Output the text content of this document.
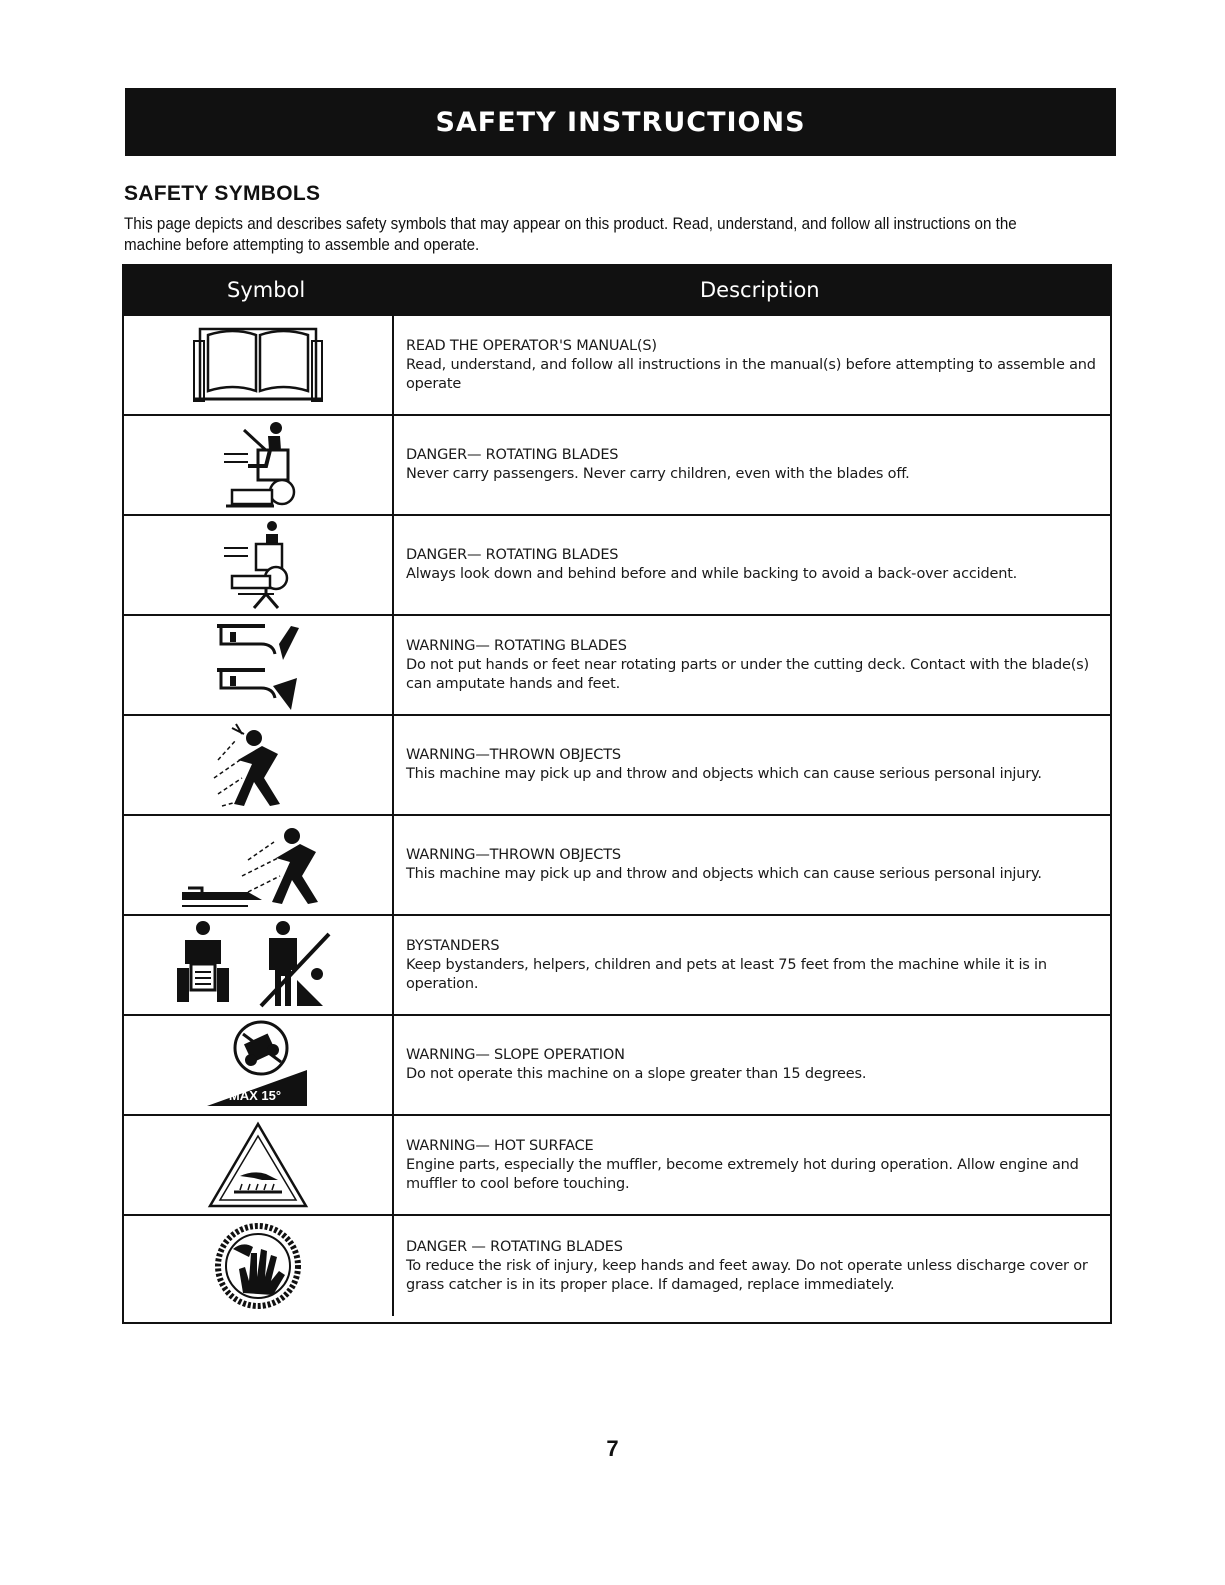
SAFETY INSTRUCTIONS
SAFETY SYMBOLS
This page depicts and describes safety symbols that may appear on this product. Read, understand, and follow all instructions on the machine before attempting to assemble and operate.
Symbol	Description
READ THE OPERATOR'S MANUAL(S)
Read, understand, and follow all instructions in the manual(s) before attempting to assemble and operate
DANGER— ROTATING BLADES
Never carry passengers. Never carry children, even with the blades off.
DANGER— ROTATING BLADES
Always look down and behind before and while backing to avoid a back-over accident.
WARNING— ROTATING BLADES
Do not put hands or feet near rotating parts or under the cutting deck. Contact with the blade(s) can amputate hands and feet.
WARNING—THROWN OBJECTS
This machine may pick up and throw and objects which can cause serious personal injury.
WARNING—THROWN OBJECTS
This machine may pick up and throw and objects which can cause serious personal injury.
BYSTANDERS
Keep bystanders, helpers, children and pets at least 75 feet from the machine while it is in operation.
MAX 15°
WARNING— SLOPE OPERATION
Do not operate this machine on a slope greater than 15 degrees.
WARNING— HOT SURFACE
Engine parts, especially the muffler, become extremely hot during operation. Allow engine and muffler to cool before touching.
DANGER — ROTATING BLADES
To reduce the risk of injury, keep hands and feet away. Do not operate unless discharge cover or grass catcher is in its proper place. If damaged, replace immediately.
7
